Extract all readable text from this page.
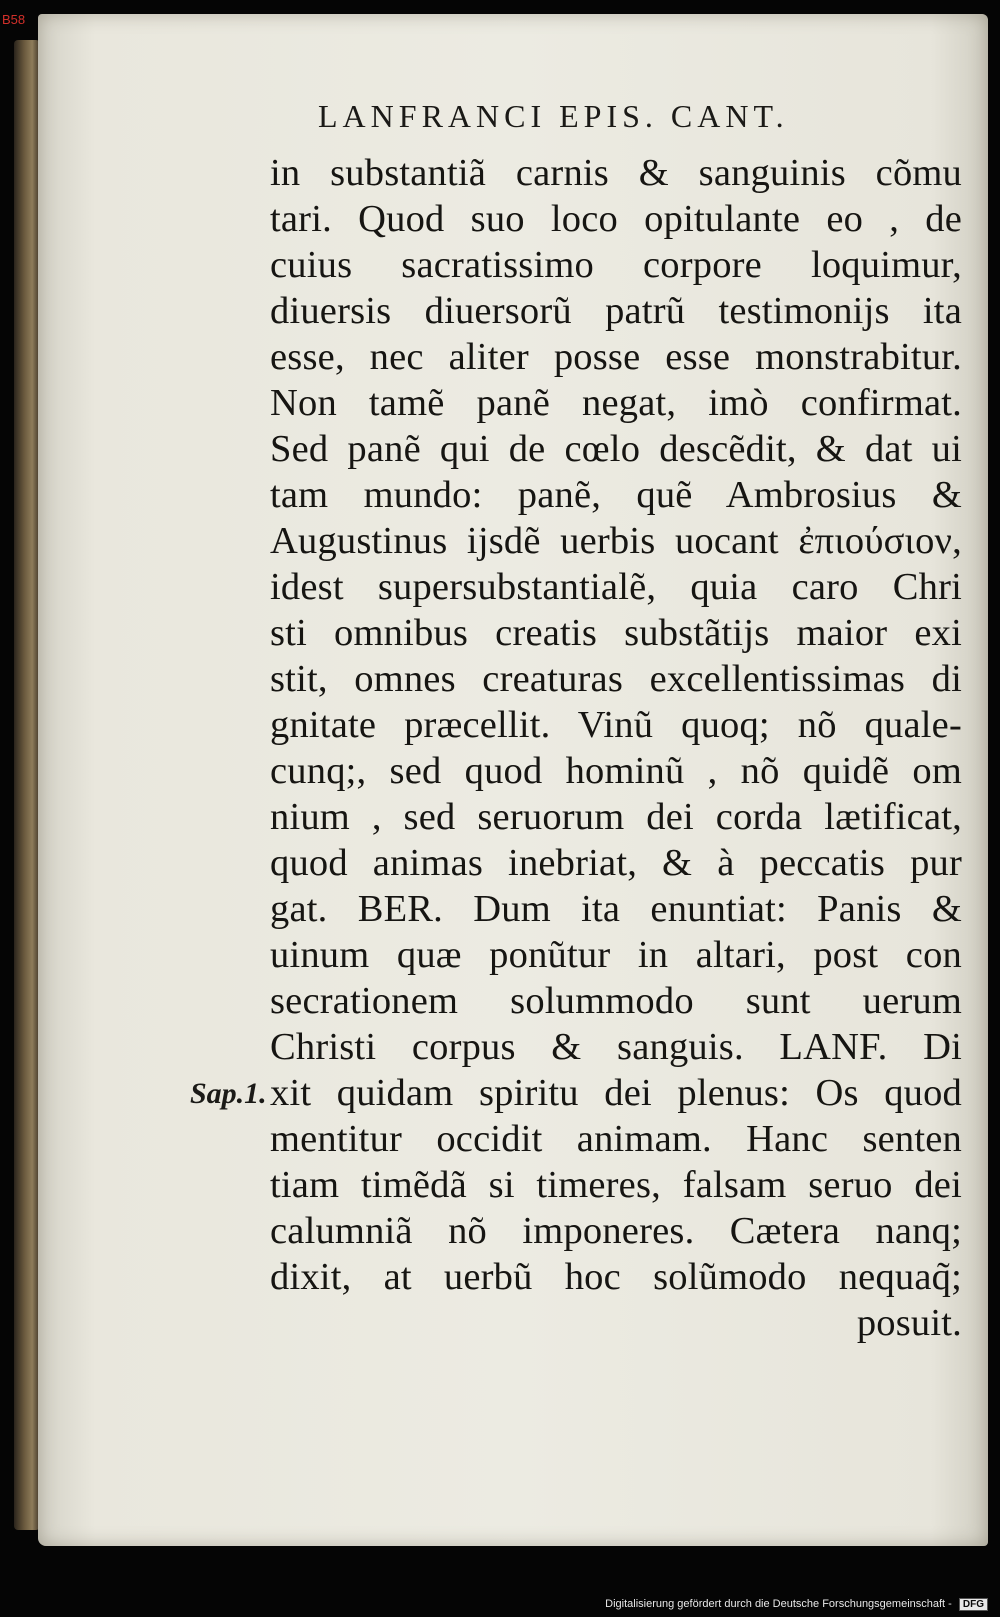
B58
LANFRANCI EPIS. CANT.
Sap.1.
in substantiã carnis & sanguinis cõmu
tari. Quod suo loco opitulante eo , de
cuius sacratissimo corpore loquimur,
diuersis diuersorũ patrũ testimonijs ita
esse, nec aliter posse esse monstrabitur.
Non tamẽ panẽ negat, imò confirmat.
Sed panẽ qui de cœlo descẽdit, & dat ui
tam mundo: panẽ, quẽ Ambrosius &
Augustinus ijsdẽ uerbis uocant ἐπιούσιον,
idest supersubstantialẽ, quia caro Chri
sti omnibus creatis substãtijs maior exi
stit, omnes creaturas excellentissimas di
gnitate præcellit. Vinũ quoq; nõ quale-
cunq;, sed quod hominũ , nõ quidẽ om
nium , sed seruorum dei corda lætificat,
quod animas inebriat, & à peccatis pur
gat. BER. Dum ita enuntiat: Panis &
uinum quæ ponũtur in altari, post con
secrationem solummodo sunt uerum
Christi corpus & sanguis. LANF. Di
xit quidam spiritu dei plenus: Os quod
mentitur occidit animam. Hanc senten
tiam timẽdã si timeres, falsam seruo dei
calumniã nõ imponeres. Cætera nanq;
dixit, at uerbũ hoc solũmodo nequaq̃;
posuit.
Digitalisierung gefördert durch die Deutsche Forschungsgemeinschaft - DFG
